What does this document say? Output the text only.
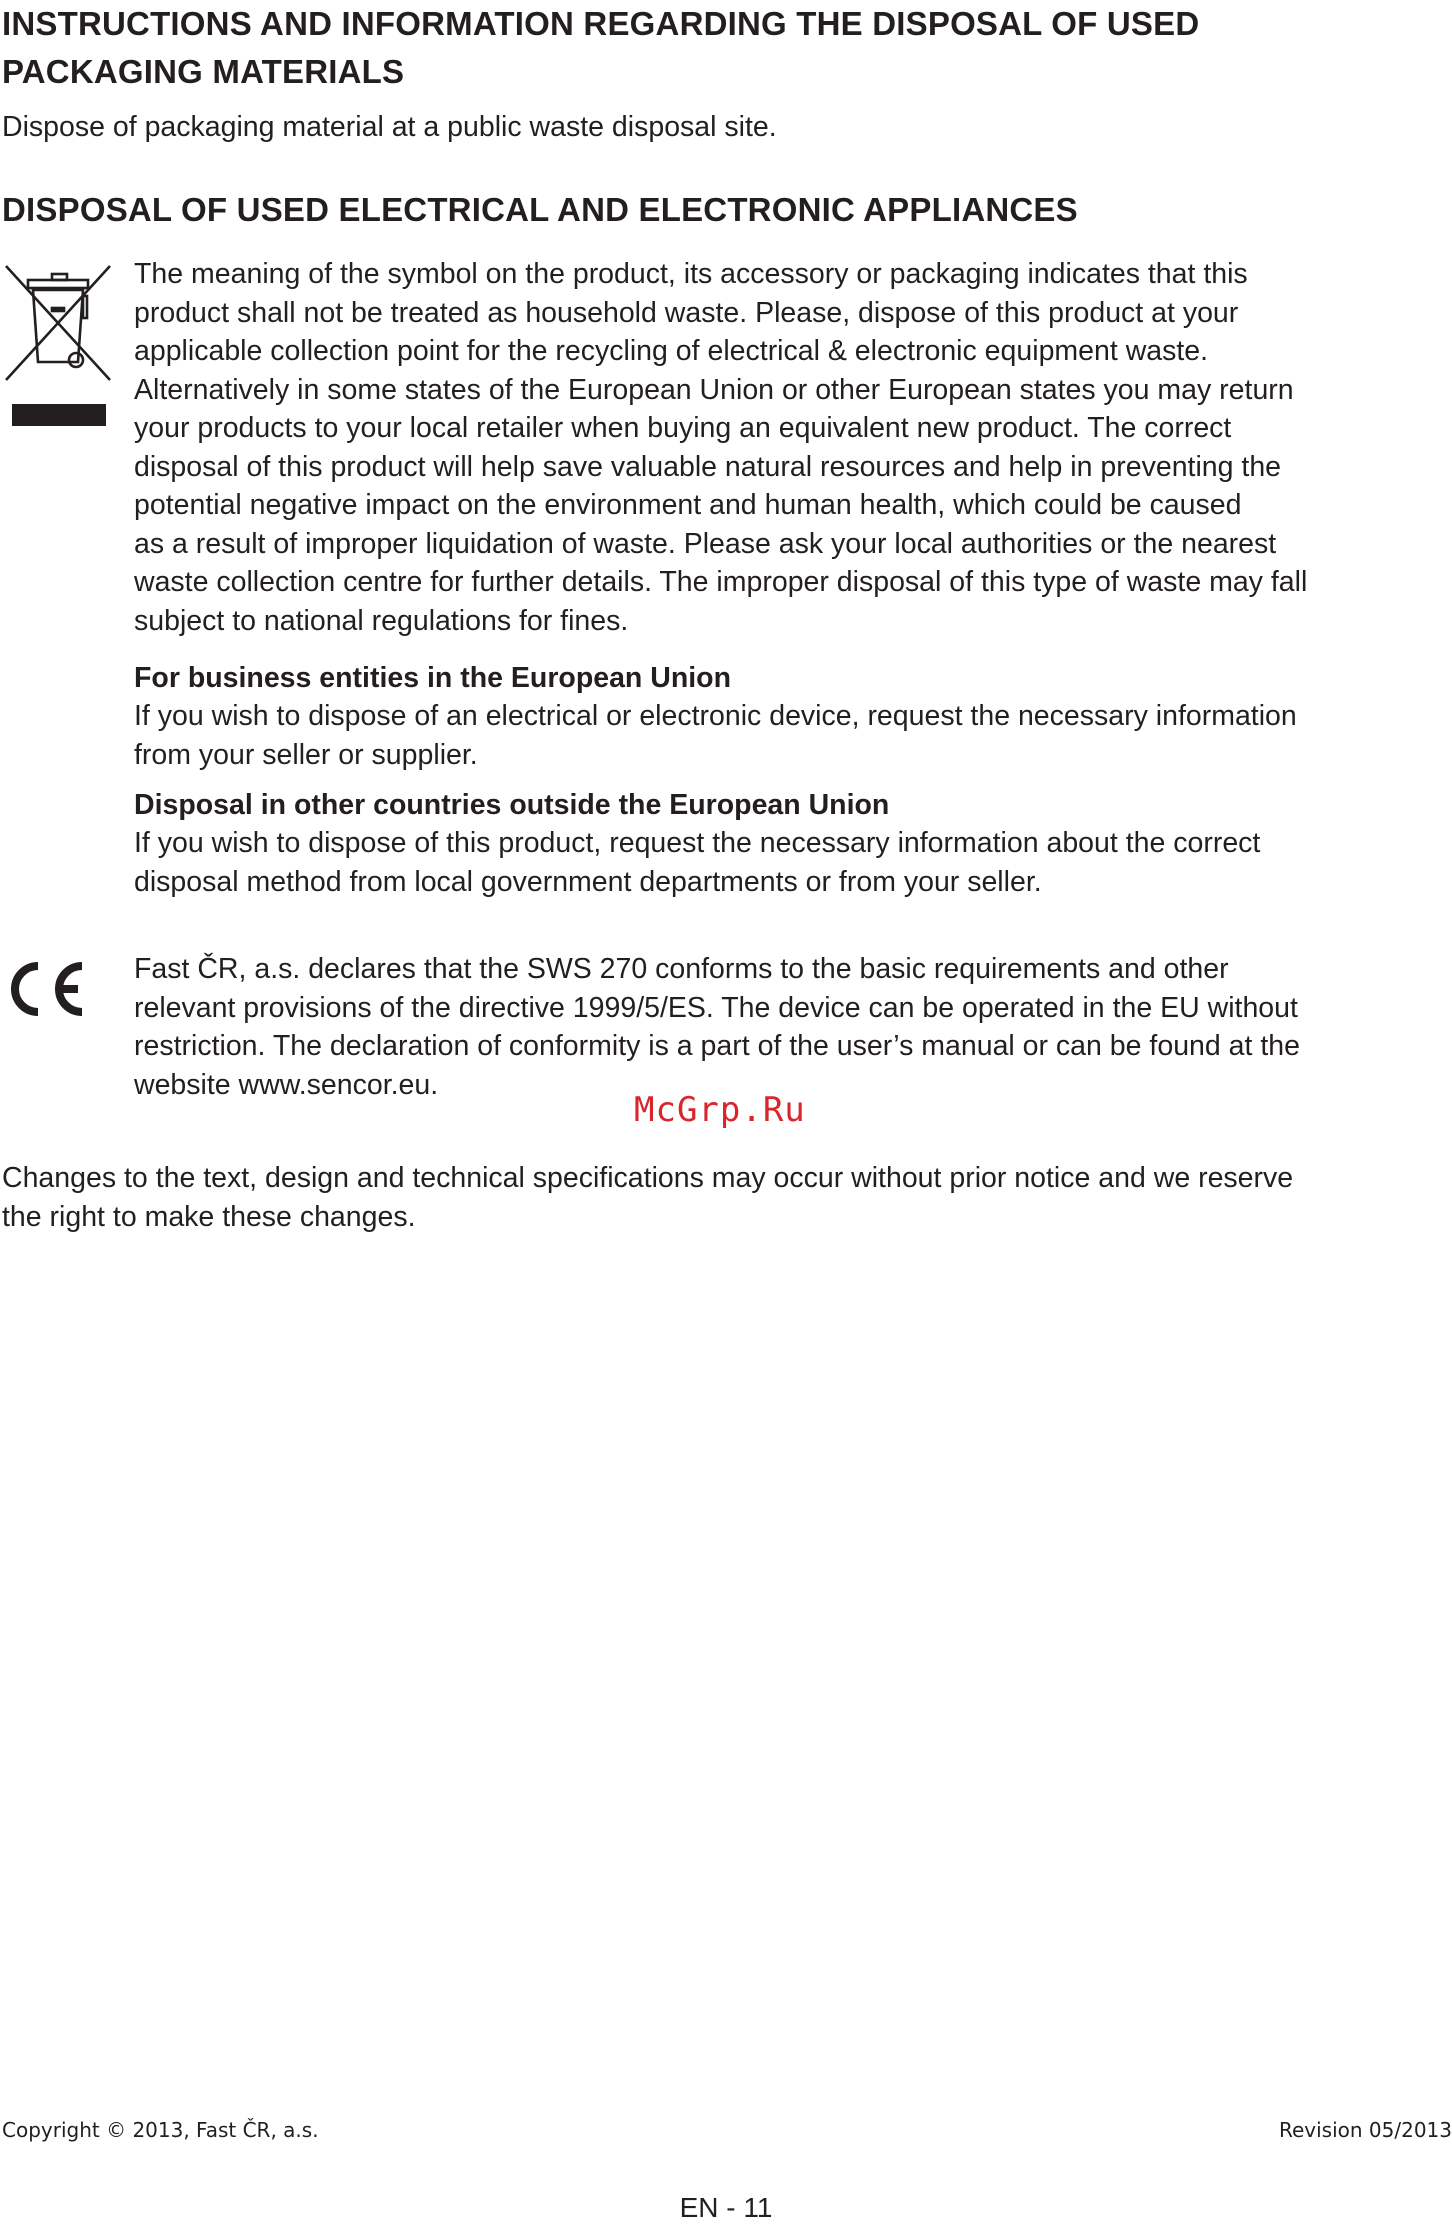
INSTRUCTIONS AND INFORMATION REGARDING THE DISPOSAL OF USED
PACKAGING MATERIALS

Dispose of packaging material at a public waste disposal site.

DISPOSAL OF USED ELECTRICAL AND ELECTRONIC APPLIANCES

The meaning of the symbol on the product, its accessory or packaging indicates that this
product shall not be treated as household waste. Please, dispose of this product at your
applicable collection point for the recycling of electrical & electronic equipment waste.
Alternatively in some states of the European Union or other European states you may return
your products to your local retailer when buying an equivalent new product. The correct
disposal of this product will help save valuable natural resources and help in preventing the
potential negative impact on the environment and human health, which could be caused
as a result of improper liquidation of waste. Please ask your local authorities or the nearest
waste collection centre for further details. The improper disposal of this type of waste may fall
subject to national regulations for fines.

For business entities in the European Union

If you wish to dispose of an electrical or electronic device, request the necessary information
from your seller or supplier.

Disposal in other countries outside the European Union

If you wish to dispose of this product, request the necessary information about the correct
disposal method from local government departments or from your seller.

Fast ČR, a.s. declares that the SWS 270 conforms to the basic requirements and other
relevant provisions of the directive 1999/5/ES. The device can be operated in the EU without
restriction. The declaration of conformity is a part of the user’s manual or can be found at the
website www.sencor.eu.

McGrp.Ru

Changes to the text, design and technical specifications may occur without prior notice and we reserve
the right to make these changes.

Copyright © 2013, Fast ČR, a.s.	Revision 05/2013

EN - 11
